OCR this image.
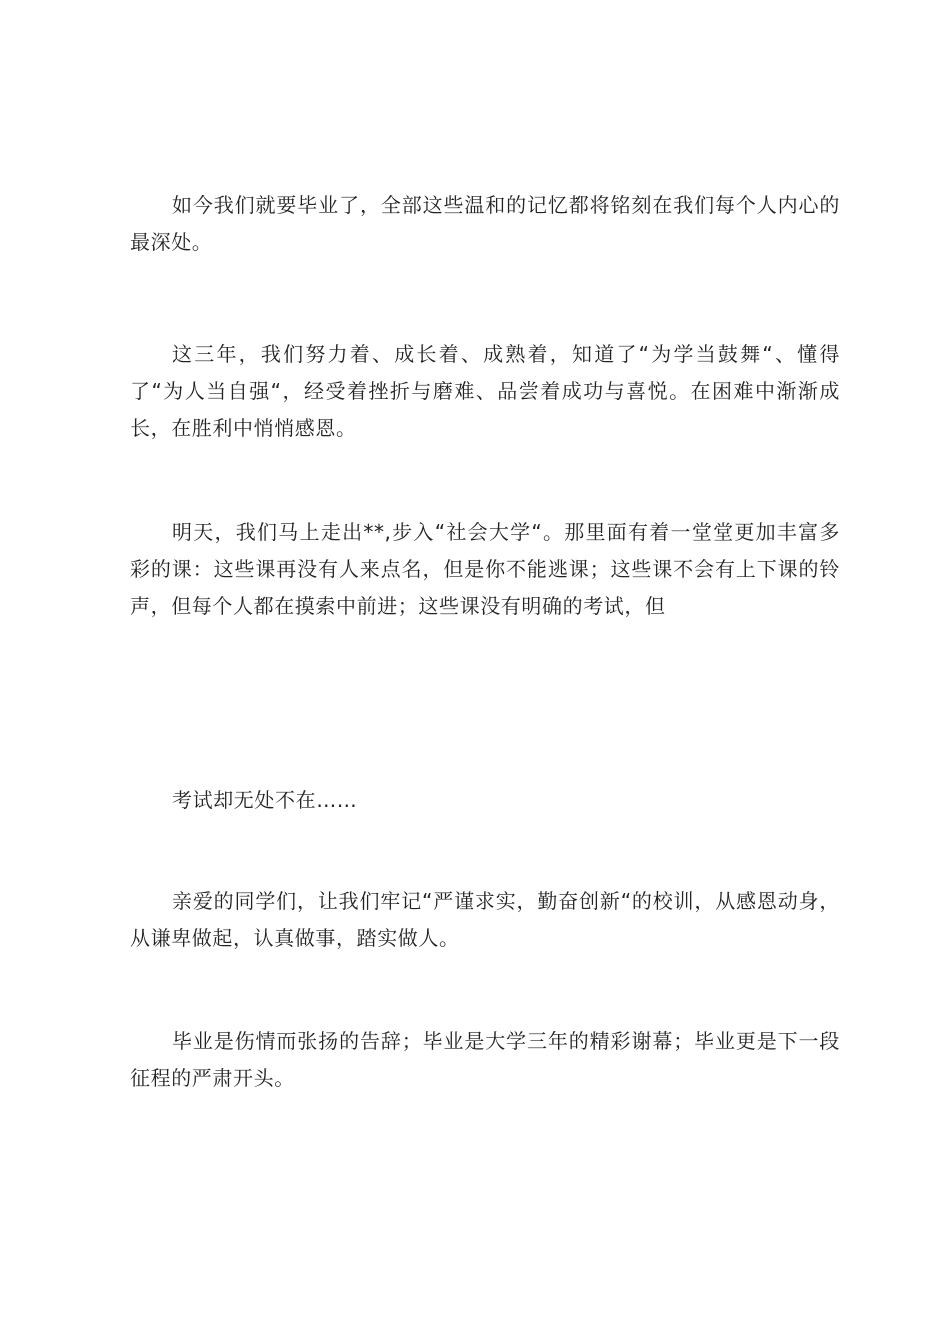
如今我们就要毕业了，全部这些温和的记忆都将铭刻在我们每个人内心的最深处。

这三年，我们努力着、成长着、成熟着，知道了“为学当鼓舞“、懂得了“为人当自强“，经受着挫折与磨难、品尝着成功与喜悦。在困难中渐渐成长，在胜利中悄悄感恩。

明天，我们马上走出**,步入“社会大学“。那里面有着一堂堂更加丰富多彩的课：这些课再没有人来点名，但是你不能逃课；这些课不会有上下课的铃声，但每个人都在摸索中前进；这些课没有明确的考试，但

考试却无处不在……

亲爱的同学们，让我们牢记“严谨求实，勤奋创新“的校训，从感恩动身，从谦卑做起，认真做事，踏实做人。

毕业是伤情而张扬的告辞；毕业是大学三年的精彩谢幕；毕业更是下一段征程的严肃开头。
